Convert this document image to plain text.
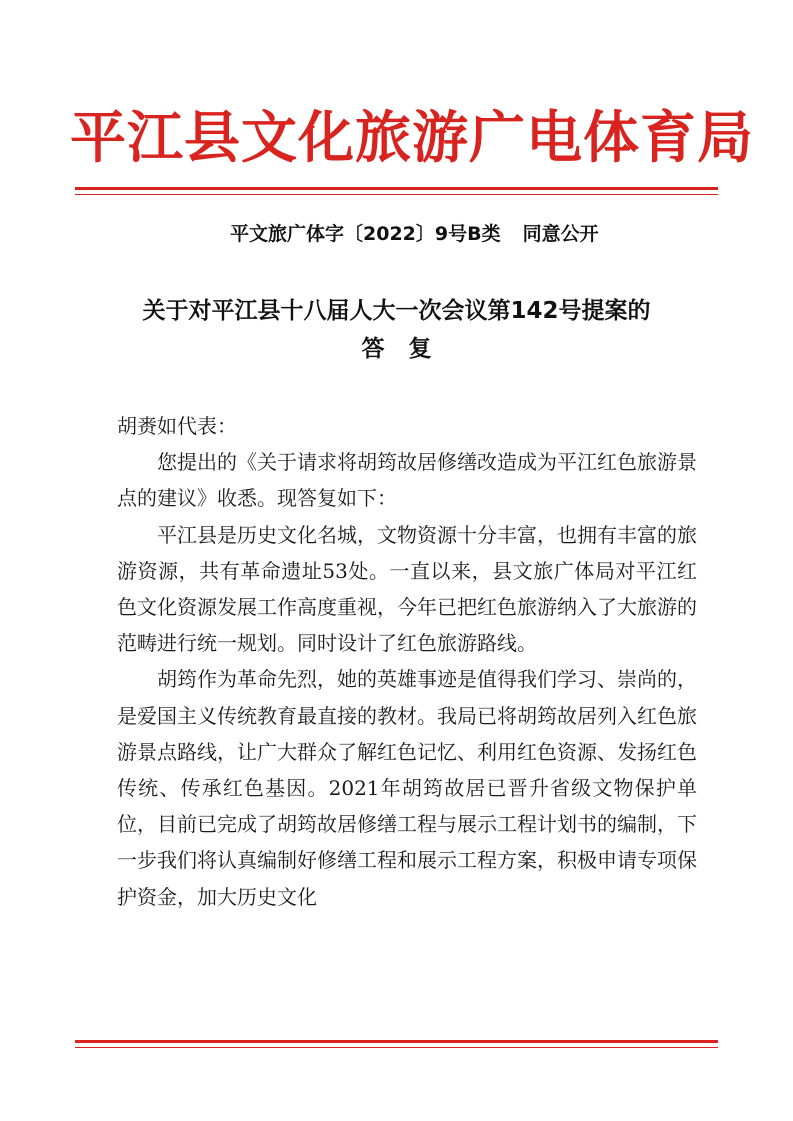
平江县文化旅游广电体育局
平文旅广体字〔2022〕9号B类 同意公开
关于对平江县十八届人大一次会议第142号提案的
答复

胡赉如代表：

您提出的《关于请求将胡筠故居修缮改造成为平江红色旅游景点的建议》收悉。现答复如下：

平江县是历史文化名城，文物资源十分丰富，也拥有丰富的旅游资源，共有革命遗址53处。一直以来，县文旅广体局对平江红色文化资源发展工作高度重视，今年已把红色旅游纳入了大旅游的范畴进行统一规划。同时设计了红色旅游路线。

胡筠作为革命先烈，她的英雄事迹是值得我们学习、崇尚的，是爱国主义传统教育最直接的教材。我局已将胡筠故居列入红色旅游景点路线，让广大群众了解红色记忆、利用红色资源、发扬红色传统、传承红色基因。2021年胡筠故居已晋升省级文物保护单位，目前已完成了胡筠故居修缮工程与展示工程计划书的编制，下一步我们将认真编制好修缮工程和展示工程方案，积极申请专项保护资金，加大历史文化
